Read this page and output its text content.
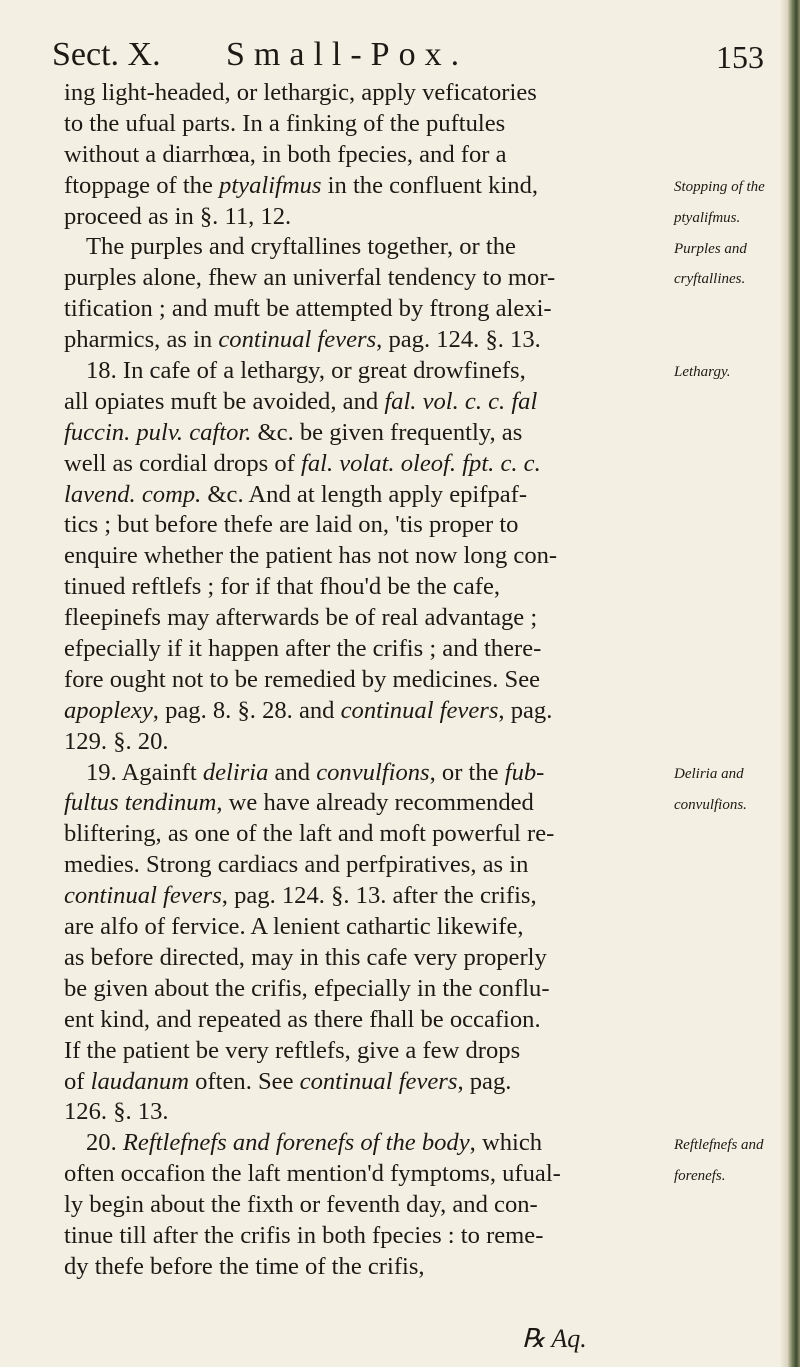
Sect. X. Small-Pox.	153
ing light-headed, or lethargic, apply veficatories
to the ufual parts. In a finking of the puftules
without a diarrhœa, in both fpecies, and for a
ftoppage of the ptyalifmus in the confluent kind,
proceed as in §. 11, 12.
The purples and cryftallines together, or the
purples alone, fhew an univerfal tendency to mor-
tification ; and muft be attempted by ftrong alexi-
pharmics, as in continual fevers, pag. 124. §. 13.
18. In cafe of a lethargy, or great drowfinefs,
all opiates muft be avoided, and fal. vol. c. c. fal
fuccin. pulv. caftor. &c. be given frequently, as
well as cordial drops of fal. volat. oleof. fpt. c. c.
lavend. comp. &c. And at length apply epifpaf-
tics ; but before thefe are laid on, 'tis proper to
enquire whether the patient has not now long con-
tinued reftlefs ; for if that fhou'd be the cafe,
fleepinefs may afterwards be of real advantage ;
efpecially if it happen after the crifis ; and there-
fore ought not to be remedied by medicines. See
apoplexy, pag. 8. §. 28. and continual fevers, pag.
129. §. 20.
19. Againft deliria and convulfions, or the fub-
fultus tendinum, we have already recommended
bliftering, as one of the laft and moft powerful re-
medies. Strong cardiacs and perfpiratives, as in
continual fevers, pag. 124. §. 13. after the crifis,
are alfo of fervice. A lenient cathartic likewife,
as before directed, may in this cafe very properly
be given about the crifis, efpecially in the conflu-
ent kind, and repeated as there fhall be occafion.
If the patient be very reftlefs, give a few drops
of laudanum often. See continual fevers, pag.
126. §. 13.
20. Reftlefnefs and forenefs of the body, which
often occafion the laft mention'd fymptoms, ufual-
ly begin about the fixth or feventh day, and con-
tinue till after the crifis in both fpecies : to reme-
dy thefe before the time of the crifis,
Stopping of the
ptyalifmus.
Purples and
cryftallines.
Lethargy.
Deliria and
convulfions.
Reftlefnefs and
forenefs.
℞ Aq.
